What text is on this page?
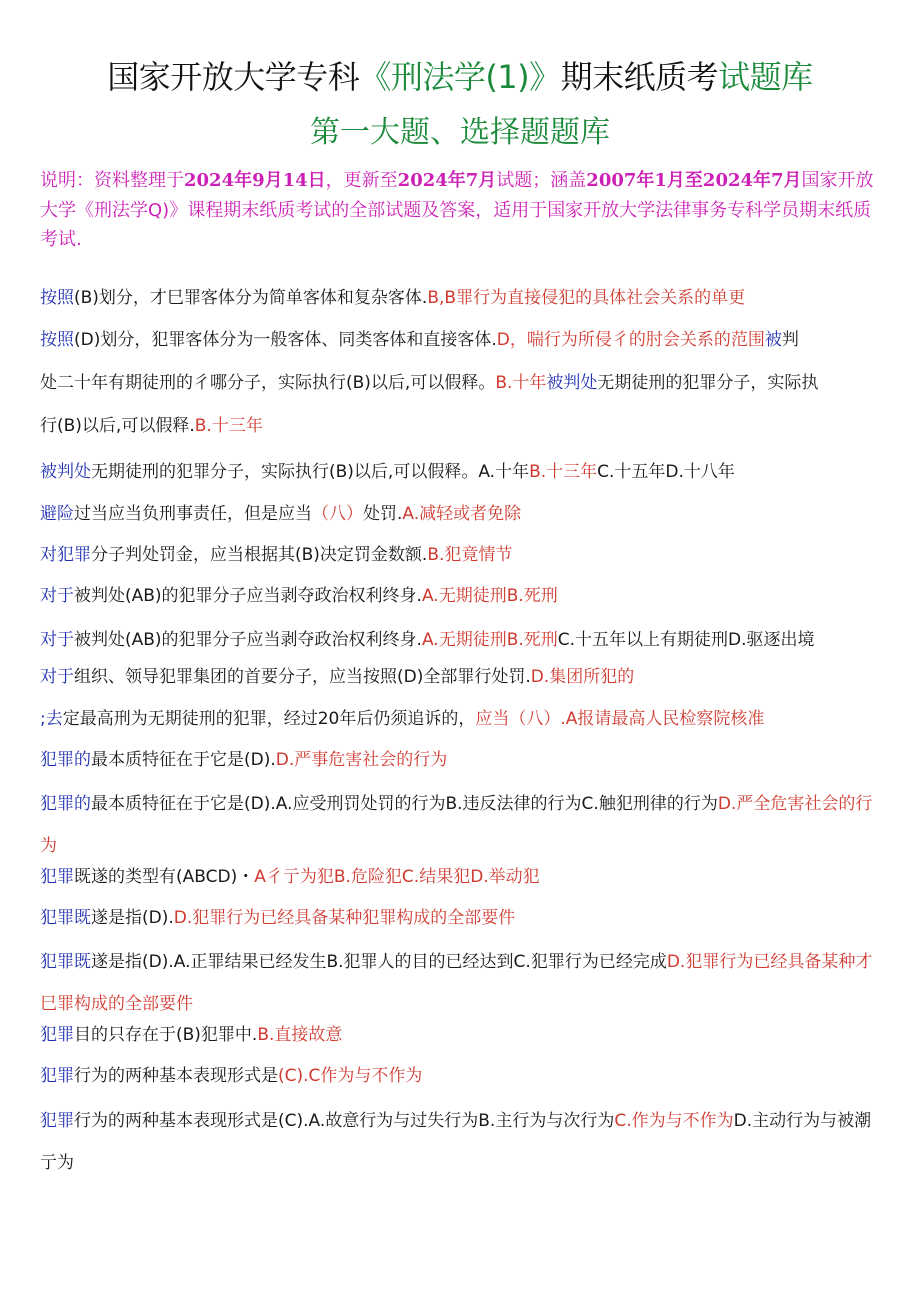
国家开放大学专科《刑法学(1)》期末纸质考试题库
第一大题、选择题题库
说明：资料整理于2024年9月14日，更新至2024年7月试题；涵盖2007年1月至2024年7月国家开放大学《刑法学Q)》课程期末纸质考试的全部试题及答案，适用于国家开放大学法律事务专科学员期末纸质考试.
按照(B)划分，才巳罪客体分为简单客体和复杂客体.B,B罪行为直接侵犯的具体社会关系的单更
按照(D)划分，犯罪客体分为一般客体、同类客体和直接客体.D，喘行为所侵彳的肘会关系的范围被判
处二十年有期徒刑的彳哪分子，实际执行(B)以后,可以假释。B.十年被判处无期徒刑的犯罪分子，实际执
行(B)以后,可以假释.B.十三年
被判处无期徒刑的犯罪分子，实际执行(B)以后,可以假释。A.十年B.十三年C.十五年D.十八年
避险过当应当负刑事责任，但是应当（八）处罚.A.减轻或者免除
对犯罪分子判处罚金，应当根据其(B)决定罚金数额.B.犯竟情节
对于被判处(AB)的犯罪分子应当剥夺政治权利终身.A.无期徒刑B.死刑
对于被判处(AB)的犯罪分子应当剥夺政治权利终身.A.无期徒刑B.死刑C.十五年以上有期徒刑D.驱逐出境
对于组织、领导犯罪集团的首要分子，应当按照(D)全部罪行处罚.D.集团所犯的
;去定最高刑为无期徒刑的犯罪，经过20年后仍须追诉的，应当（八）.A报请最高人民检察院核准
犯罪的最本质特征在于它是(D).D.严事危害社会的行为
犯罪的最本质特征在于它是(D).A.应受刑罚处罚的行为B.违反法律的行为C.触犯刑律的行为D.严全危害社会的行为
犯罪既遂的类型有(ABCD)・A彳亍为犯B.危险犯C.结果犯D.举动犯
犯罪既遂是指(D).D.犯罪行为已经具备某种犯罪构成的全部要件
犯罪既遂是指(D).A.正罪结果已经发生B.犯罪人的目的已经达到C.犯罪行为已经完成D.犯罪行为已经具备某种才巳罪构成的全部要件
犯罪目的只存在于(B)犯罪中.B.直接故意
犯罪行为的两种基本表现形式是(C).C作为与不作为
犯罪行为的两种基本表现形式是(C).A.故意行为与过失行为B.主行为与次行为C.作为与不作为D.主动行为与被潮亍为
